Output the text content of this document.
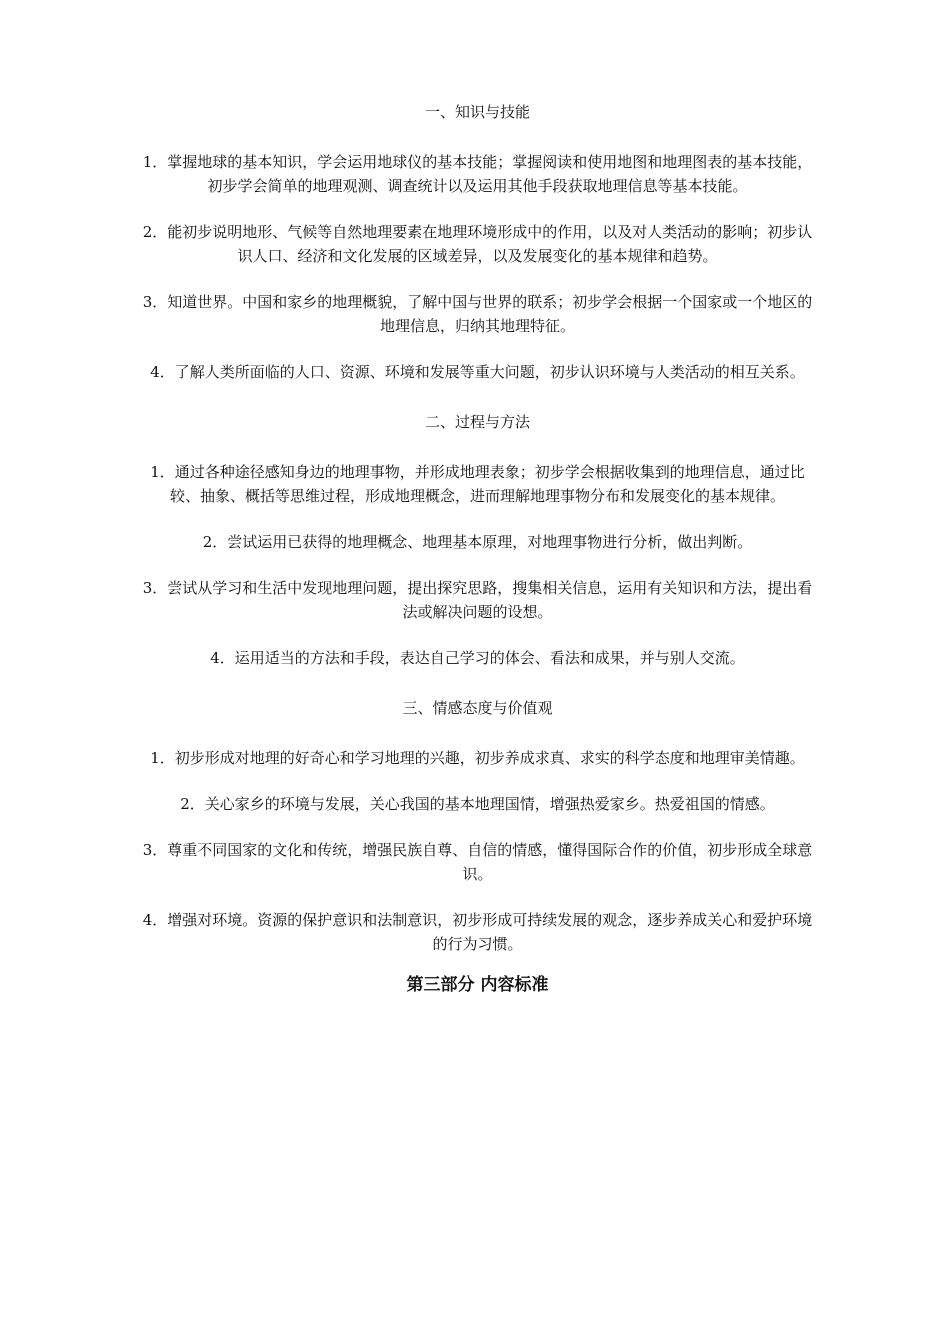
一、知识与技能

1．掌握地球的基本知识，学会运用地球仪的基本技能；掌握阅读和使用地图和地理图表的基本技能，初步学会简单的地理观测、调查统计以及运用其他手段获取地理信息等基本技能。

2．能初步说明地形、气候等自然地理要素在地理环境形成中的作用，以及对人类活动的影响；初步认识人口、经济和文化发展的区域差异，以及发展变化的基本规律和趋势。

3．知道世界。中国和家乡的地理概貌，了解中国与世界的联系；初步学会根据一个国家或一个地区的地理信息，归纳其地理特征。

4．了解人类所面临的人口、资源、环境和发展等重大问题，初步认识环境与人类活动的相互关系。

二、过程与方法

1．通过各种途径感知身边的地理事物，并形成地理表象；初步学会根据收集到的地理信息，通过比较、抽象、概括等思维过程，形成地理概念，进而理解地理事物分布和发展变化的基本规律。

2．尝试运用已获得的地理概念、地理基本原理，对地理事物进行分析，做出判断。

3．尝试从学习和生活中发现地理问题，提出探究思路，搜集相关信息，运用有关知识和方法，提出看法或解决问题的设想。

4．运用适当的方法和手段，表达自己学习的体会、看法和成果，并与别人交流。

三、情感态度与价值观

1．初步形成对地理的好奇心和学习地理的兴趣，初步养成求真、求实的科学态度和地理审美情趣。

2．关心家乡的环境与发展，关心我国的基本地理国情，增强热爱家乡。热爱祖国的情感。

3．尊重不同国家的文化和传统，增强民族自尊、自信的情感，懂得国际合作的价值，初步形成全球意识。

4．增强对环境。资源的保护意识和法制意识，初步形成可持续发展的观念，逐步养成关心和爱护环境的行为习惯。

第三部分 内容标准
